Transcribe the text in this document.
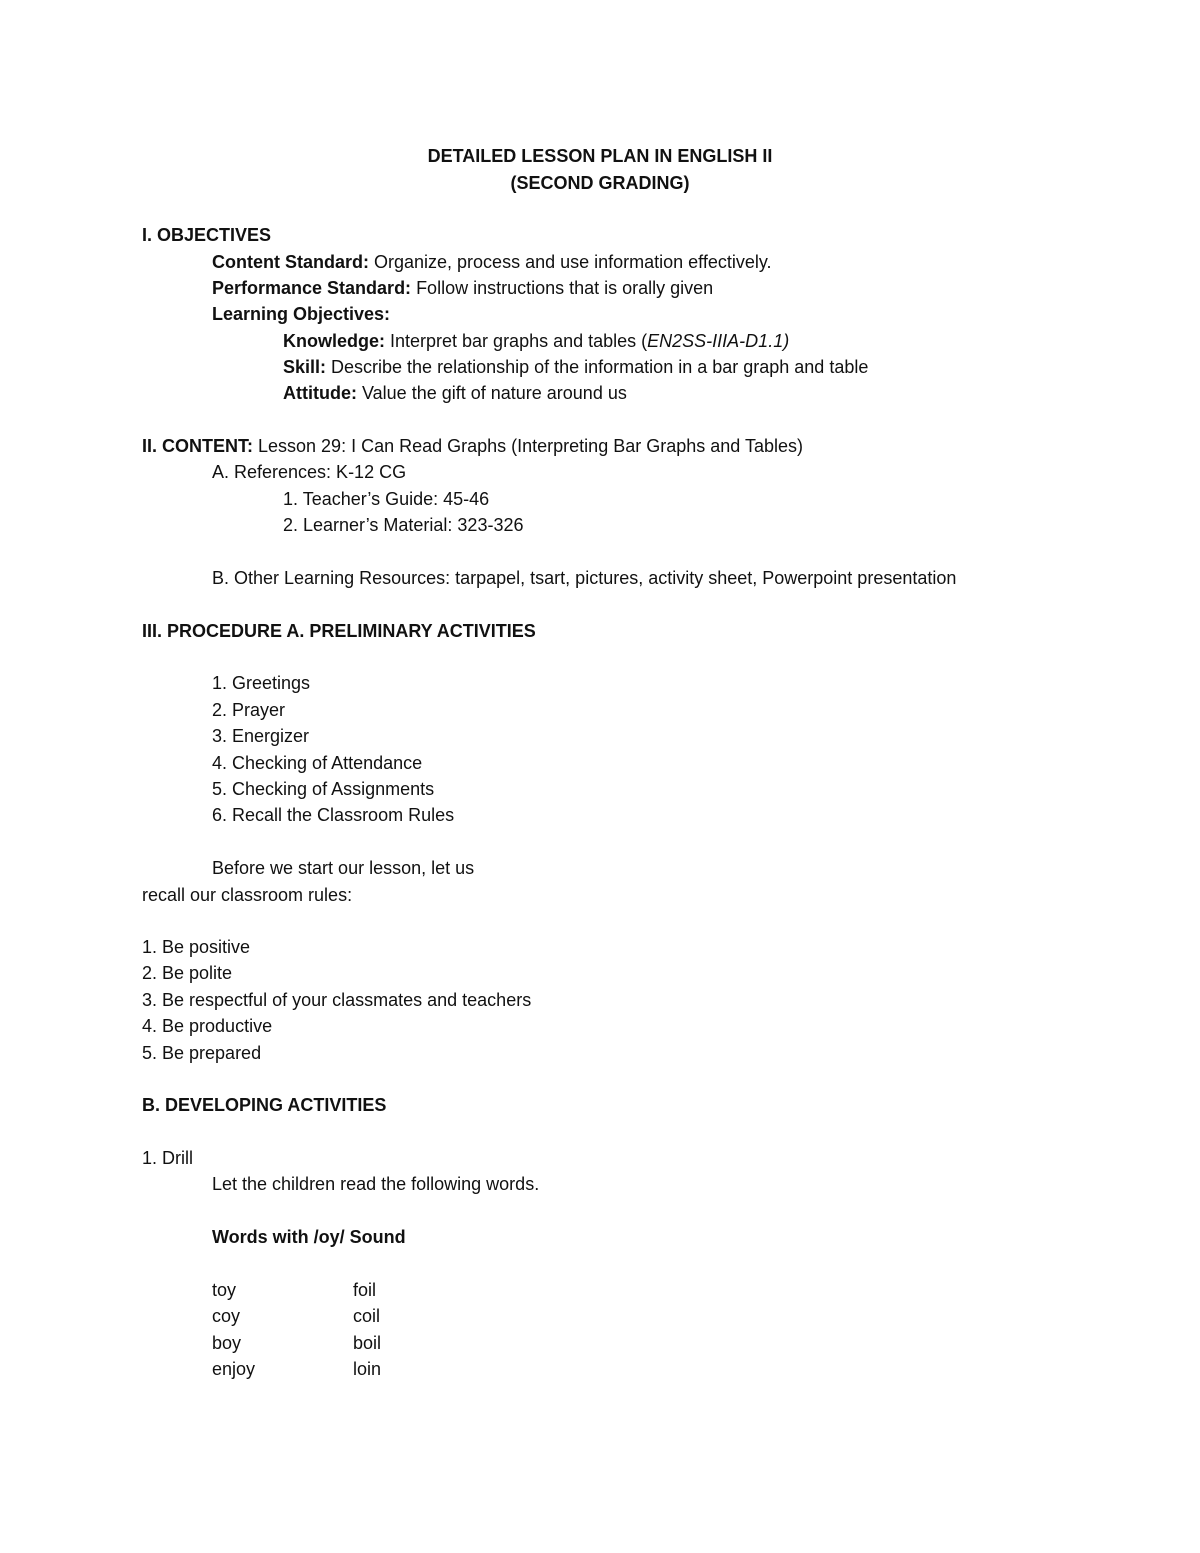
DETAILED LESSON PLAN IN ENGLISH II
(SECOND GRADING)
I. OBJECTIVES
Content Standard: Organize, process and use information effectively.
Performance Standard: Follow instructions that is orally given
Learning Objectives:
Knowledge: Interpret bar graphs and tables (EN2SS-IIIA-D1.1)
Skill: Describe the relationship of the information in a bar graph and table
Attitude: Value the gift of nature around us
II. CONTENT: Lesson 29: I Can Read Graphs (Interpreting Bar Graphs and Tables)
A. References: K-12 CG
1. Teacher’s Guide: 45-46
2. Learner’s Material: 323-326
B. Other Learning Resources: tarpapel, tsart, pictures, activity sheet, Powerpoint presentation
III. PROCEDURE A. PRELIMINARY ACTIVITIES
1. Greetings
2. Prayer
3. Energizer
4. Checking of Attendance
5. Checking of Assignments
6. Recall the Classroom Rules
Before we start our lesson, let us
recall our classroom rules:
1. Be positive
2. Be polite
3. Be respectful of your classmates and teachers
4. Be productive
5. Be prepared
B. DEVELOPING ACTIVITIES
1. Drill
Let the children read the following words.
Words with /oy/ Sound
toy	foil
coy	coil
boy	boil
enjoy	loin
